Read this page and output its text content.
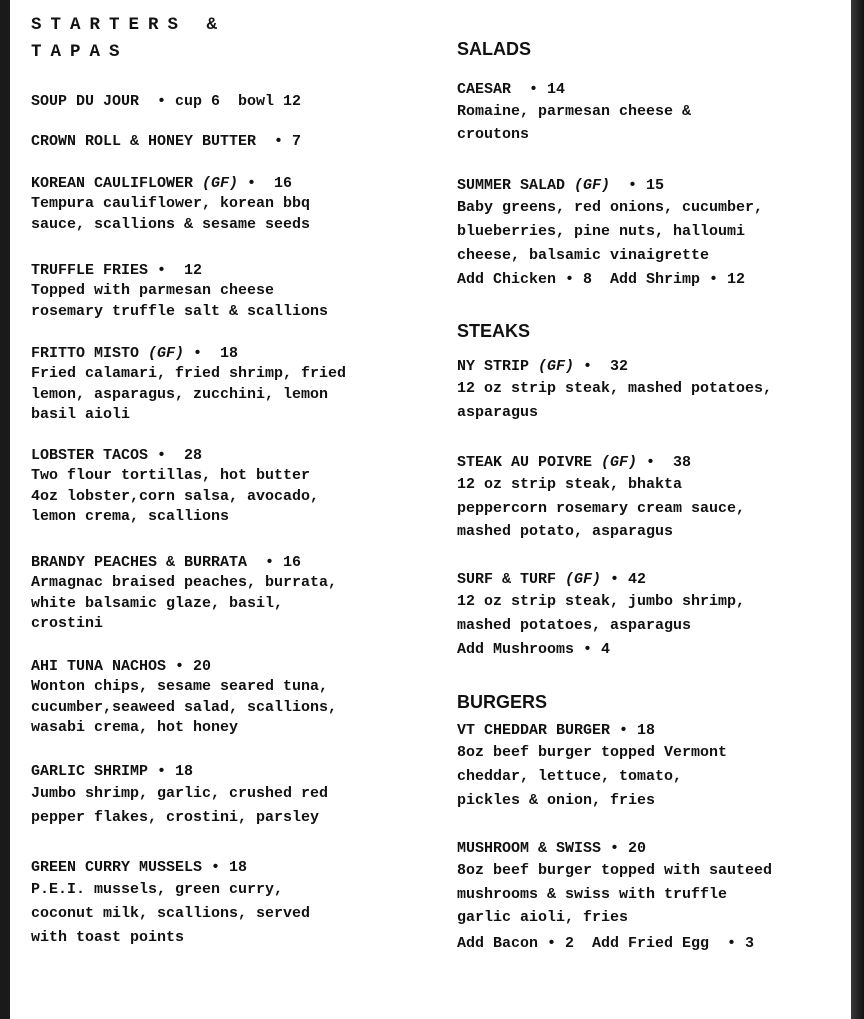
STARTERS &
TAPAS
SOUP DU JOUR  • cup 6  bowl 12
CROWN ROLL & HONEY BUTTER  • 7
KOREAN CAULIFLOWER (GF) •  16
Tempura cauliflower, korean bbq
sauce, scallions & sesame seeds
TRUFFLE FRIES •  12
Topped with parmesan cheese
rosemary truffle salt & scallions
FRITTO MISTO (GF) •  18
Fried calamari, fried shrimp, fried
lemon, asparagus, zucchini, lemon
basil aioli
LOBSTER TACOS •  28
Two flour tortillas, hot butter
4oz lobster,corn salsa, avocado,
lemon crema, scallions
BRANDY PEACHES & BURRATA  • 16
Armagnac braised peaches, burrata,
white balsamic glaze, basil,
crostini
AHI TUNA NACHOS • 20
Wonton chips, sesame seared tuna,
cucumber,seaweed salad, scallions,
wasabi crema, hot honey
GARLIC SHRIMP • 18
Jumbo shrimp, garlic, crushed red
pepper flakes, crostini, parsley
GREEN CURRY MUSSELS • 18
P.E.I. mussels, green curry,
coconut milk, scallions, served
with toast points
SALADS
CAESAR  • 14
Romaine, parmesan cheese &
croutons
SUMMER SALAD (GF)  • 15
Baby greens, red onions, cucumber,
blueberries, pine nuts, halloumi
cheese, balsamic vinaigrette
Add Chicken • 8  Add Shrimp • 12
STEAKS
NY STRIP (GF) •  32
12 oz strip steak, mashed potatoes,
asparagus
STEAK AU POIVRE (GF) •  38
12 oz strip steak, bhakta
peppercorn rosemary cream sauce,
mashed potato, asparagus
SURF & TURF (GF) • 42
12 oz strip steak, jumbo shrimp,
mashed potatoes, asparagus
Add Mushrooms • 4
BURGERS
VT CHEDDAR BURGER • 18
8oz beef burger topped Vermont
cheddar, lettuce, tomato,
pickles & onion, fries
MUSHROOM & SWISS • 20
8oz beef burger topped with sauteed
mushrooms & swiss with truffle
garlic aioli, fries
Add Bacon • 2  Add Fried Egg  • 3
